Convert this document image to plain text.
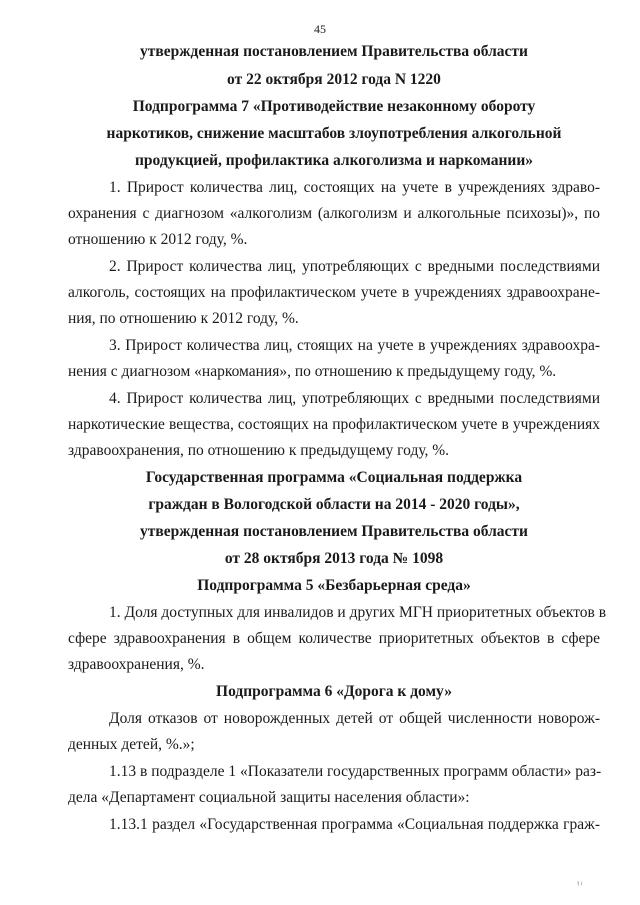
45
утвержденная постановлением Правительства области
от 22 октября 2012 года N 1220
Подпрограмма 7 «Противодействие незаконному обороту
наркотиков, снижение масштабов злоупотребления алкогольной
продукцией, профилактика алкоголизма и наркомании»
1. Прирост количества лиц, состоящих на учете в учреждениях здраво-
охранения с диагнозом «алкоголизм (алкоголизм и алкогольные психозы)», по
отношению к 2012 году, %.
2. Прирост количества лиц, употребляющих с вредными последствиями
алкоголь, состоящих на профилактическом учете в учреждениях здравоохране-
ния, по отношению к 2012 году, %.
3. Прирост количества лиц, стоящих на учете в учреждениях здравоохра-
нения с диагнозом «наркомания», по отношению к предыдущему году, %.
4. Прирост количества лиц, употребляющих с вредными последствиями
наркотические вещества, состоящих на профилактическом учете в учреждениях
здравоохранения, по отношению к предыдущему году, %.
Государственная программа «Социальная поддержка
граждан в Вологодской области на 2014 - 2020 годы»,
утвержденная постановлением Правительства области
от 28 октября 2013 года № 1098
Подпрограмма 5 «Безбарьерная среда»
1. Доля доступных для инвалидов и других МГН приоритетных объектов в
сфере здравоохранения в общем количестве приоритетных объектов в сфере
здравоохранения, %.
Подпрограмма 6 «Дорога к дому»
Доля отказов от новорожденных детей от общей численности новорож-
денных детей, %.»;
1.13 в подразделе 1 «Показатели государственных программ области» раз-
дела «Департамент социальной защиты населения области»:
1.13.1 раздел «Государственная программа «Социальная поддержка граж-
'( i
